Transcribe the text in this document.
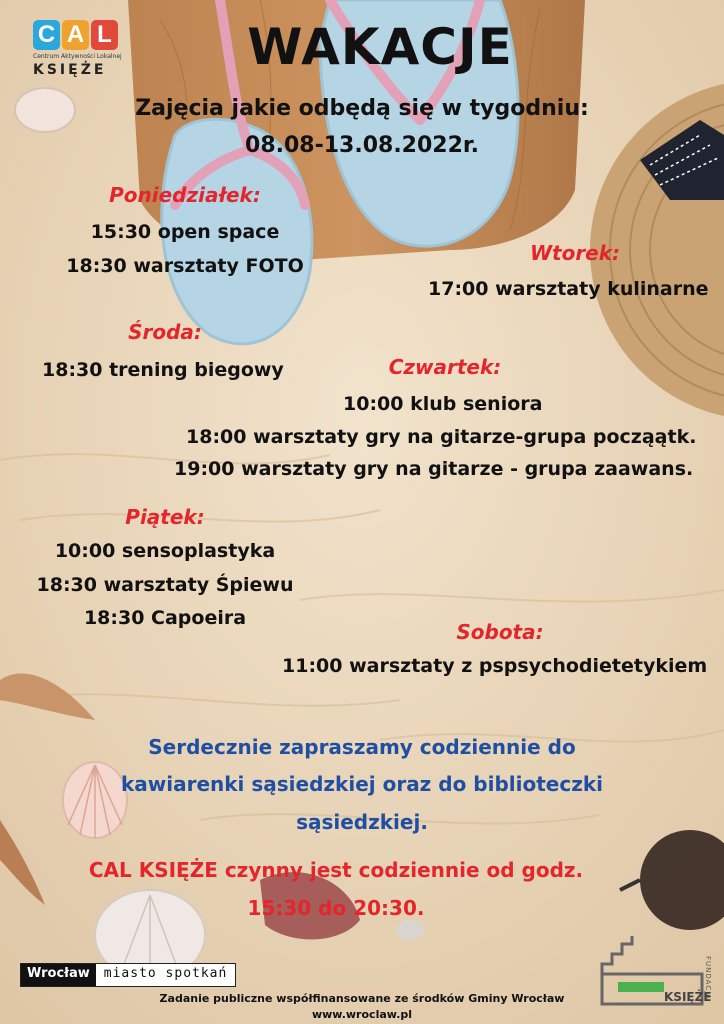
C A L
Centrum Aktywności Lokalnej
KSIĘŻE	WAKACJE
Zajęcia jakie odbędą się w tygodniu:
08.08-13.08.2022r.
Poniedziałek:
15:30 open space
18:30 warsztaty FOTO
Wtorek:
17:00 warsztaty kulinarne
Środa:
18:30 trening biegowy	Czwartek:
10:00 klub seniora
18:00 warsztaty gry na gitarze-grupa począątk.
19:00 warsztaty gry na gitarze - grupa zaawans.
Piątek:
10:00 sensoplastyka
18:30 warsztaty Śpiewu
18:30 Capoeira
Sobota:
11:00 warsztaty z pspsychodietetykiem
Serdecznie zapraszamy codziennie do
kawiarenki sąsiedzkiej oraz do biblioteczki
sąsiedzkiej.
CAL KSIĘŻE czynny jest codziennie od godz.
15:30 do 20:30.
Wrocław	miasto spotkań	FUNDACJA
KSIĘŻE
Zadanie publiczne współfinansowane ze środków Gminy Wrocław
www.wroclaw.pl
